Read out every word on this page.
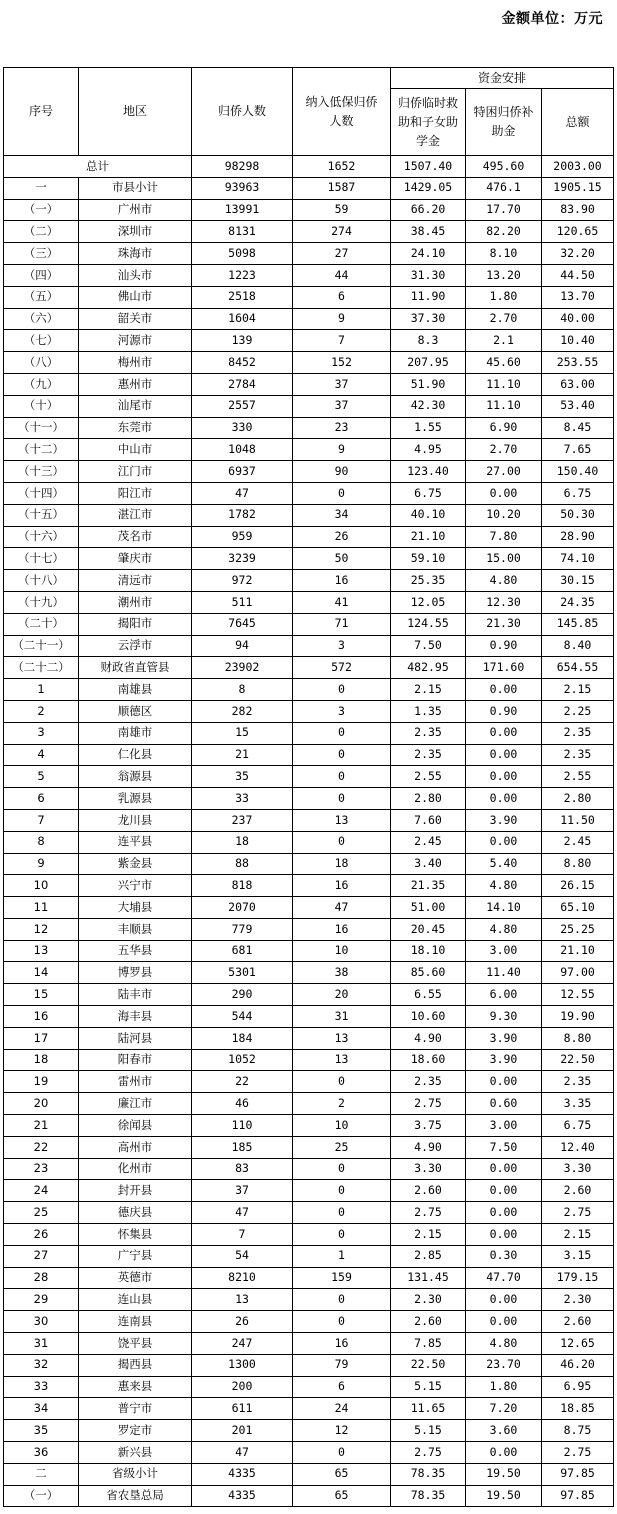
金额单位：万元
序号	地区	归侨人数	纳入低保归侨人数	资金安排		
				归侨临时救助和子女助学金	特困归侨补助金	总额
总计		98298	1652	1507.40	495.60	2003.00
一	市县小计	93963	1587	1429.05	476.1	1905.15
（一）	广州市	13991	59	66.20	17.70	83.90
（二）	深圳市	8131	274	38.45	82.20	120.65
（三）	珠海市	5098	27	24.10	8.10	32.20
（四）	汕头市	1223	44	31.30	13.20	44.50
（五）	佛山市	2518	6	11.90	1.80	13.70
（六）	韶关市	1604	9	37.30	2.70	40.00
（七）	河源市	139	7	8.3	2.1	10.40
（八）	梅州市	8452	152	207.95	45.60	253.55
（九）	惠州市	2784	37	51.90	11.10	63.00
（十）	汕尾市	2557	37	42.30	11.10	53.40
（十一）	东莞市	330	23	1.55	6.90	8.45
（十二）	中山市	1048	9	4.95	2.70	7.65
（十三）	江门市	6937	90	123.40	27.00	150.40
（十四）	阳江市	47	0	6.75	0.00	6.75
（十五）	湛江市	1782	34	40.10	10.20	50.30
（十六）	茂名市	959	26	21.10	7.80	28.90
（十七）	肇庆市	3239	50	59.10	15.00	74.10
（十八）	清远市	972	16	25.35	4.80	30.15
（十九）	潮州市	511	41	12.05	12.30	24.35
（二十）	揭阳市	7645	71	124.55	21.30	145.85
（二十一）	云浮市	94	3	7.50	0.90	8.40
（二十二）	财政省直管县	23902	572	482.95	171.60	654.55
1	南雄县	8	0	2.15	0.00	2.15
2	顺德区	282	3	1.35	0.90	2.25
3	南雄市	15	0	2.35	0.00	2.35
4	仁化县	21	0	2.35	0.00	2.35
5	翁源县	35	0	2.55	0.00	2.55
6	乳源县	33	0	2.80	0.00	2.80
7	龙川县	237	13	7.60	3.90	11.50
8	连平县	18	0	2.45	0.00	2.45
9	紫金县	88	18	3.40	5.40	8.80
10	兴宁市	818	16	21.35	4.80	26.15
11	大埔县	2070	47	51.00	14.10	65.10
12	丰顺县	779	16	20.45	4.80	25.25
13	五华县	681	10	18.10	3.00	21.10
14	博罗县	5301	38	85.60	11.40	97.00
15	陆丰市	290	20	6.55	6.00	12.55
16	海丰县	544	31	10.60	9.30	19.90
17	陆河县	184	13	4.90	3.90	8.80
18	阳春市	1052	13	18.60	3.90	22.50
19	雷州市	22	0	2.35	0.00	2.35
20	廉江市	46	2	2.75	0.60	3.35
21	徐闻县	110	10	3.75	3.00	6.75
22	高州市	185	25	4.90	7.50	12.40
23	化州市	83	0	3.30	0.00	3.30
24	封开县	37	0	2.60	0.00	2.60
25	德庆县	47	0	2.75	0.00	2.75
26	怀集县	7	0	2.15	0.00	2.15
27	广宁县	54	1	2.85	0.30	3.15
28	英德市	8210	159	131.45	47.70	179.15
29	连山县	13	0	2.30	0.00	2.30
30	连南县	26	0	2.60	0.00	2.60
31	饶平县	247	16	7.85	4.80	12.65
32	揭西县	1300	79	22.50	23.70	46.20
33	惠来县	200	6	5.15	1.80	6.95
34	普宁市	611	24	11.65	7.20	18.85
35	罗定市	201	12	5.15	3.60	8.75
36	新兴县	47	0	2.75	0.00	2.75
二	省级小计	4335	65	78.35	19.50	97.85
（一）	省农垦总局	4335	65	78.35	19.50	97.85
